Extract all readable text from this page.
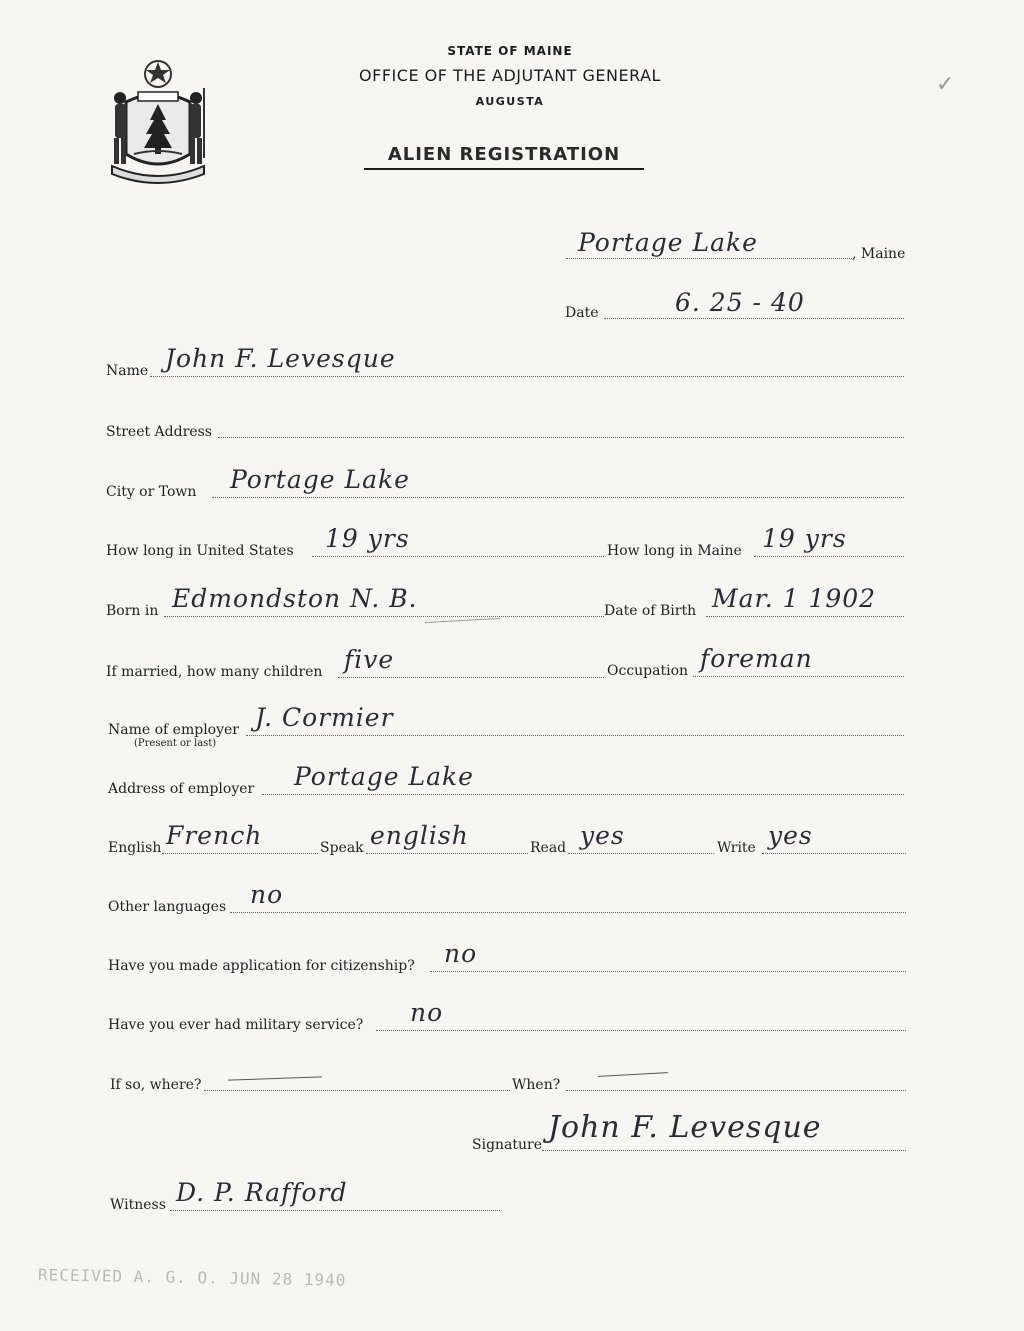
STATE OF MAINE
OFFICE OF THE ADJUTANT GENERAL
AUGUSTA
ALIEN REGISTRATION
✓
Portage Lake	, Maine
Date	6. 25 - 40
Name John F. Levesque
Street Address
City or Town Portage Lake
How long in United States 19 yrs	How long in Maine 19 yrs
Born in Edmondston N. B.	Date of Birth Mar. 1 1902
If married, how many children five	Occupation foreman
Name of employer
(Present or last)
J. Cormier
Address of employer Portage Lake
English French	Speak english	Read yes	Write yes
Other languages no
Have you made application for citizenship? no
Have you ever had military service? no
If so, where?	When?
Signature John F. Levesque
Witness D. P. Rafford
RECEIVED A. G. O. JUN 28 1940
